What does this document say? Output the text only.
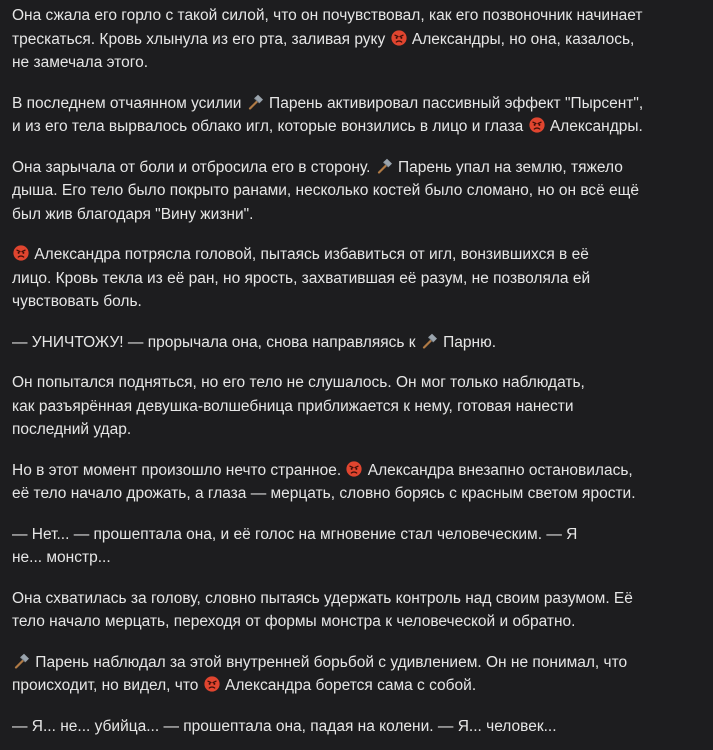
Она сжала его горло с такой силой, что он почувствовал, как его позвоночник начинает
трескаться. Кровь хлынула из его рта, заливая руку
Александры, но она, казалось,
не замечала этого.

В последнем отчаянном усилии
Парень активировал пассивный эффект "Пырсент",
и из его тела вырвалось облако игл, которые вонзились в лицо и глаза
Александры.

Она зарычала от боли и отбросила его в сторону.
Парень упал на землю, тяжело
дыша. Его тело было покрыто ранами, несколько костей было сломано, но он всё ещё
был жив благодаря "Вину жизни".

Александра потрясла головой, пытаясь избавиться от игл, вонзившихся в её
лицо. Кровь текла из её ран, но ярость, захватившая её разум, не позволяла ей
чувствовать боль.

— УНИЧТОЖУ! — прорычала она, снова направляясь к
Парню.

Он попытался подняться, но его тело не слушалось. Он мог только наблюдать,
как разъярённая девушка-волшебница приближается к нему, готовая нанести
последний удар.

Но в этот момент произошло нечто странное.
Александра внезапно остановилась,
её тело начало дрожать, а глаза — мерцать, словно борясь с красным светом ярости.

— Нет... — прошептала она, и её голос на мгновение стал человеческим. — Я
не... монстр...

Она схватилась за голову, словно пытаясь удержать контроль над своим разумом. Её
тело начало мерцать, переходя от формы монстра к человеческой и обратно.

Парень наблюдал за этой внутренней борьбой с удивлением. Он не понимал, что
происходит, но видел, что
Александра борется сама с собой.

— Я... не... убийца... — прошептала она, падая на колени. — Я... человек...
